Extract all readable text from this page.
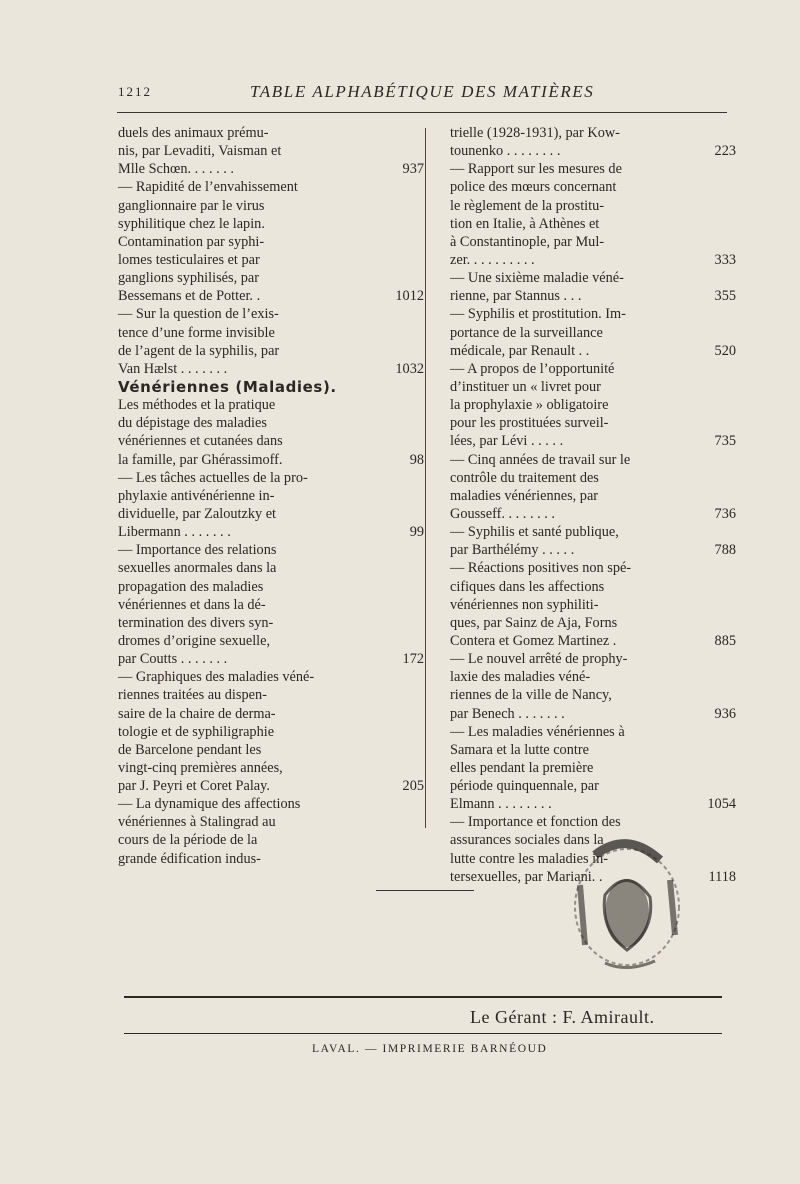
1212	TABLE ALPHABÉTIQUE DES MATIÈRES
duels des animaux prému-
nis, par Levaditi, Vaisman et
Mlle Schœn. . . . . . .	937
— Rapidité de l’envahissement
ganglionnaire par le virus
syphilitique chez le lapin.
Contamination par syphi-
lomes testiculaires et par
ganglions syphilisés, par
Bessemans et de Potter. .	1012
— Sur la question de l’exis-
tence d’une forme invisible
de l’agent de la syphilis, par
Van Hælst . . . . . . .	1032
Vénériennes (Maladies).
Les méthodes et la pratique
du dépistage des maladies
vénériennes et cutanées dans
la famille, par Ghérassimoff.	98
— Les tâches actuelles de la pro-
phylaxie antivénérienne in-
dividuelle, par Zaloutzky et
Libermann . . . . . . .	99
— Importance des relations
sexuelles anormales dans la
propagation des maladies
vénériennes et dans la dé-
termination des divers syn-
dromes d’origine sexuelle,
par Coutts . . . . . . .	172
— Graphiques des maladies véné-
riennes traitées au dispen-
saire de la chaire de derma-
tologie et de syphiligraphie
de Barcelone pendant les
vingt-cinq premières années,
par J. Peyri et Coret Palay.	205
— La dynamique des affections
vénériennes à Stalingrad au
cours de la période de la
grande édification indus-
trielle (1928-1931), par Kow-
tounenko . . . . . . . .	223
— Rapport sur les mesures de
police des mœurs concernant
le règlement de la prostitu-
tion en Italie, à Athènes et
à Constantinople, par Mul-
zer. . . . . . . . . .	333
— Une sixième maladie véné-
rienne, par Stannus . . .	355
— Syphilis et prostitution. Im-
portance de la surveillance
médicale, par Renault . .	520
— A propos de l’opportunité
d’instituer un « livret pour
la prophylaxie » obligatoire
pour les prostituées surveil-
lées, par Lévi . . . . .	735
— Cinq années de travail sur le
contrôle du traitement des
maladies vénériennes, par
Gousseff. . . . . . . .	736
— Syphilis et santé publique,
par Barthélémy . . . . .	788
— Réactions positives non spé-
cifiques dans les affections
vénériennes non syphiliti-
ques, par Sainz de Aja, Forns
Contera et Gomez Martinez .	885
— Le nouvel arrêté de prophy-
laxie des maladies véné-
riennes de la ville de Nancy,
par Benech . . . . . . .	936
— Les maladies vénériennes à
Samara et la lutte contre
elles pendant la première
période quinquennale, par
Elmann . . . . . . . .	1054
— Importance et fonction des
assurances sociales dans la
lutte contre les maladies in-
tersexuelles, par Mariani. .	1118
Le Gérant : F. Amirault.
LAVAL. — IMPRIMERIE BARNÉOUD
